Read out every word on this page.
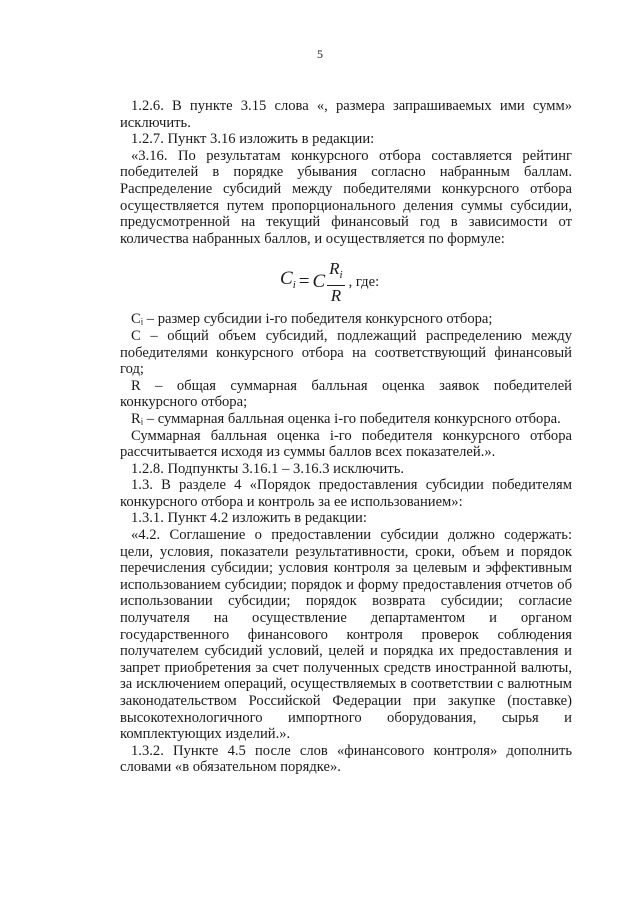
5

1.2.6. В пункте 3.15 слова «, размера запрашиваемых ими сумм» исключить.

1.2.7. Пункт 3.16 изложить в редакции:

«3.16. По результатам конкурсного отбора составляется рейтинг победителей в порядке убывания согласно набранным баллам. Распределение субсидий между победителями конкурсного отбора осуществляется путем пропорционального деления суммы субсидии, предусмотренной на текущий финансовый год в зависимости от количества набранных баллов, и осуществляется по формуле:

$C_i = C \frac{R_i}{R}$ , где:

Cᵢ – размер субсидии i-го победителя конкурсного отбора;

С – общий объем субсидий, подлежащий распределению между победителями конкурсного отбора на соответствующий финансовый год;

R – общая суммарная балльная оценка заявок победителей конкурсного отбора;

Rᵢ – суммарная балльная оценка i-го победителя конкурсного отбора.

Суммарная балльная оценка i-го победителя конкурсного отбора рассчитывается исходя из суммы баллов всех показателей.».

1.2.8. Подпункты 3.16.1 – 3.16.3 исключить.

1.3. В разделе 4 «Порядок предоставления субсидии победителям конкурсного отбора и контроль за ее использованием»:

1.3.1. Пункт 4.2 изложить в редакции:

«4.2. Соглашение о предоставлении субсидии должно содержать: цели, условия, показатели результативности, сроки, объем и порядок перечисления субсидии; условия контроля за целевым и эффективным использованием субсидии; порядок и форму предоставления отчетов об использовании субсидии; порядок возврата субсидии; согласие получателя на осуществление департаментом и органом государственного финансового контроля проверок соблюдения получателем субсидий условий, целей и порядка их предоставления и запрет приобретения за счет полученных средств иностранной валюты, за исключением операций, осуществляемых в соответствии с валютным законодательством Российской Федерации при закупке (поставке) высокотехнологичного импортного оборудования, сырья и комплектующих изделий.».

1.3.2. Пункте 4.5 после слов «финансового контроля» дополнить словами «в обязательном порядке».
